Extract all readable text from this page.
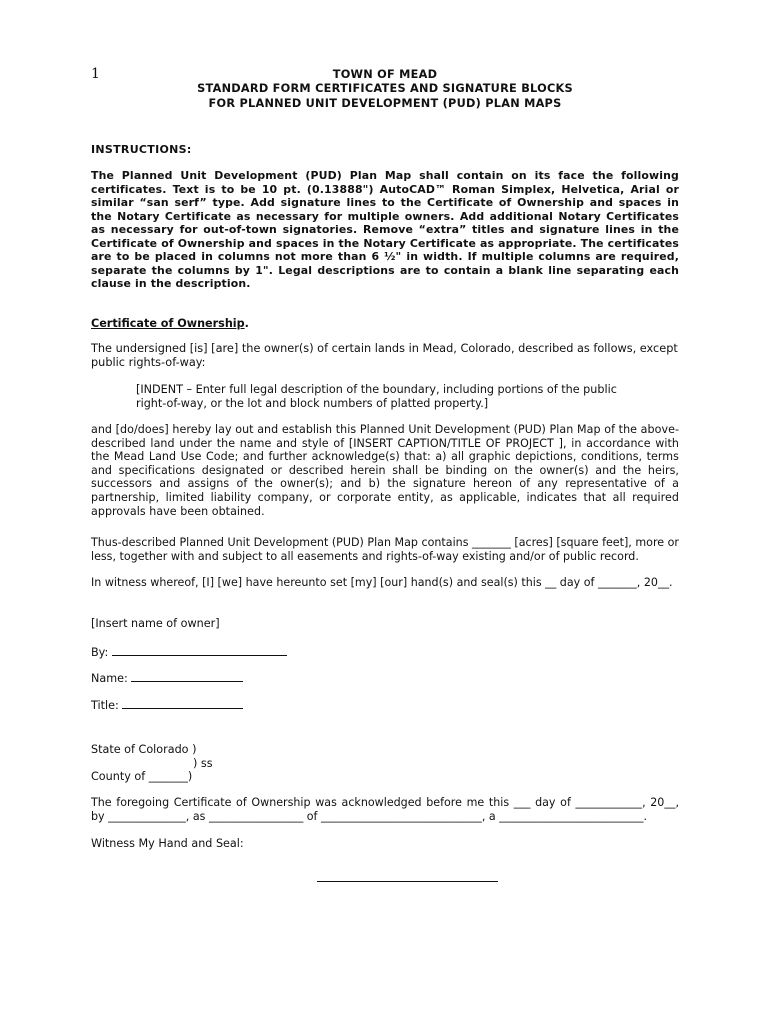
1	TOWN OF MEAD
STANDARD FORM CERTIFICATES AND SIGNATURE BLOCKS
FOR PLANNED UNIT DEVELOPMENT (PUD) PLAN MAPS
INSTRUCTIONS:
The Planned Unit Development (PUD) Plan Map shall contain on its face the following certificates. Text is to be 10 pt. (0.13888") AutoCAD™ Roman Simplex, Helvetica, Arial or similar “san serf” type. Add signature lines to the Certificate of Ownership and spaces in the Notary Certificate as necessary for multiple owners. Add additional Notary Certificates as necessary for out-of-town signatories. Remove “extra” titles and signature lines in the Certificate of Ownership and spaces in the Notary Certificate as appropriate. The certificates are to be placed in columns not more than 6 ½" in width. If multiple columns are required, separate the columns by 1". Legal descriptions are to contain a blank line separating each clause in the description.
Certificate of Ownership.
The undersigned [is] [are] the owner(s) of certain lands in Mead, Colorado, described as follows, except public rights-of-way:
[INDENT – Enter full legal description of the boundary, including portions of the public right-of-way, or the lot and block numbers of platted property.]
and [do/does] hereby lay out and establish this Planned Unit Development (PUD) Plan Map of the above-described land under the name and style of [INSERT CAPTION/TITLE OF PROJECT ], in accordance with the Mead Land Use Code; and further acknowledge(s) that: a) all graphic depictions, conditions, terms and specifications designated or described herein shall be binding on the owner(s) and the heirs, successors and assigns of the owner(s); and b) the signature hereon of any representative of a partnership, limited liability company, or corporate entity, as applicable, indicates that all required approvals have been obtained.
Thus-described Planned Unit Development (PUD) Plan Map contains _______ [acres] [square feet], more or less, together with and subject to all easements and rights-of-way existing and/or of public record.
In witness whereof, [I] [we] have hereunto set [my] [our] hand(s) and seal(s) this __ day of _______, 20__.
[Insert name of owner]
By:
Name:
Title:
State of Colorado )
) ss
County of _______)
The foregoing Certificate of Ownership was acknowledged before me this ___ day of ____________, 20__, by ______________, as _________________ of _____________________________, a __________________________.
Witness My Hand and Seal:
